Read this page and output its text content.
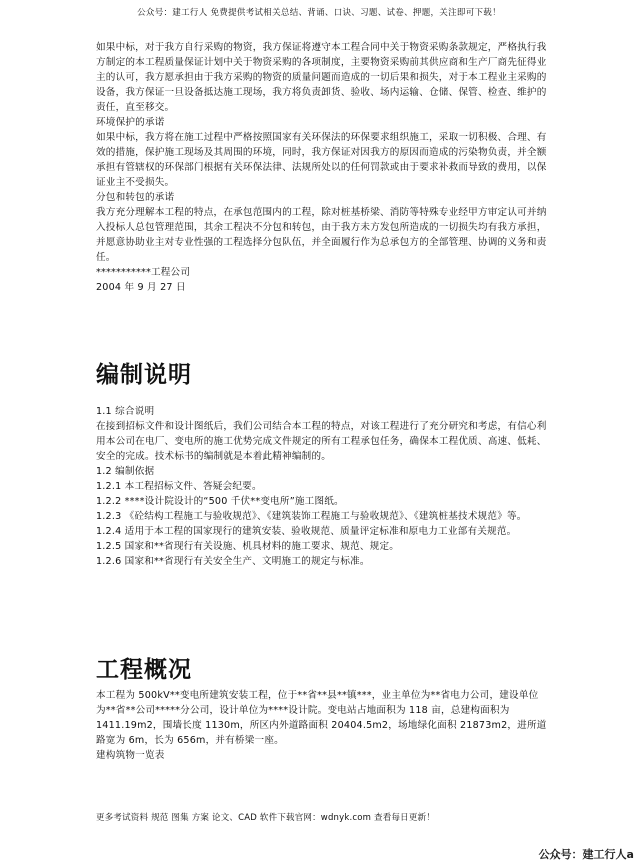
公众号：建工行人 免费提供考试相关总结、背诵、口诀、习题、试卷、押题，关注即可下载！

如果中标，对于我方自行采购的物资，我方保证将遵守本工程合同中关于物资采购条款规定，严格执行我方制定的本工程质量保证计划中关于物资采购的各项制度，主要物资采购前其供应商和生产厂商先征得业主的认可，我方愿承担由于我方采购的物资的质量问题而造成的一切后果和损失，对于本工程业主采购的设备，我方保证一旦设备抵达施工现场，我方将负责卸货、验收、场内运输、仓储、保管、检查、维护的责任，直至移交。

环境保护的承诺

如果中标，我方将在施工过程中严格按照国家有关环保法的环保要求组织施工，采取一切积极、合理、有效的措施，保护施工现场及其周围的环境，同时，我方保证对因我方的原因而造成的污染物负责，并全额承担有管辖权的环保部门根据有关环保法律、法规所处以的任何罚款或由于要求补救而导致的费用，以保证业主不受损失。

分包和转包的承诺

我方充分理解本工程的特点，在承包范围内的工程，除对桩基桥梁、消防等特殊专业经甲方审定认可并纳入投标人总包管理范围，其余工程决不分包和转包，由于我方未方发包所造成的一切损失均有我方承担，并愿意协助业主对专业性强的工程选择分包队伍，并全面履行作为总承包方的全部管理、协调的义务和责任。

***********工程公司

2004 年 9 月 27 日

编制说明

1.1 综合说明

在接到招标文件和设计图纸后，我们公司结合本工程的特点，对该工程进行了充分研究和考虑，有信心利用本公司在电厂、变电所的施工优势完成文件规定的所有工程承包任务，确保本工程优质、高速、低耗、安全的完成。技术标书的编制就是本着此精神编制的。

1.2 编制依据

1.2.1 本工程招标文件、答疑会纪要。

1.2.2 ****设计院设计的“500 千伏**变电所”施工图纸。

1.2.3 《砼结构工程施工与验收规范》、《建筑装饰工程施工与验收规范》、《建筑桩基技术规范》等。

1.2.4 适用于本工程的国家现行的建筑安装、验收规范、质量评定标准和原电力工业部有关规范。

1.2.5 国家和**省现行有关设施、机具材料的施工要求、规范、规定。

1.2.6 国家和**省现行有关安全生产、文明施工的规定与标准。

工程概况

本工程为 500kV**变电所建筑安装工程，位于**省**县**镇***，业主单位为**省电力公司，建设单位为**省**公司*****分公司，设计单位为****设计院。变电站占地面积为 118 亩，总建构面积为 1411.19m2，围墙长度 1130m，所区内外道路面积 20404.5m2，场地绿化面积 21873m2，进所道路宽为 6m，长为 656m，并有桥梁一座。

建构筑物一览表

更多考试资料 规范 图集 方案 论文、CAD 软件下载官网：wdnyk.com 查看每日更新！
公众号：建工行人a
